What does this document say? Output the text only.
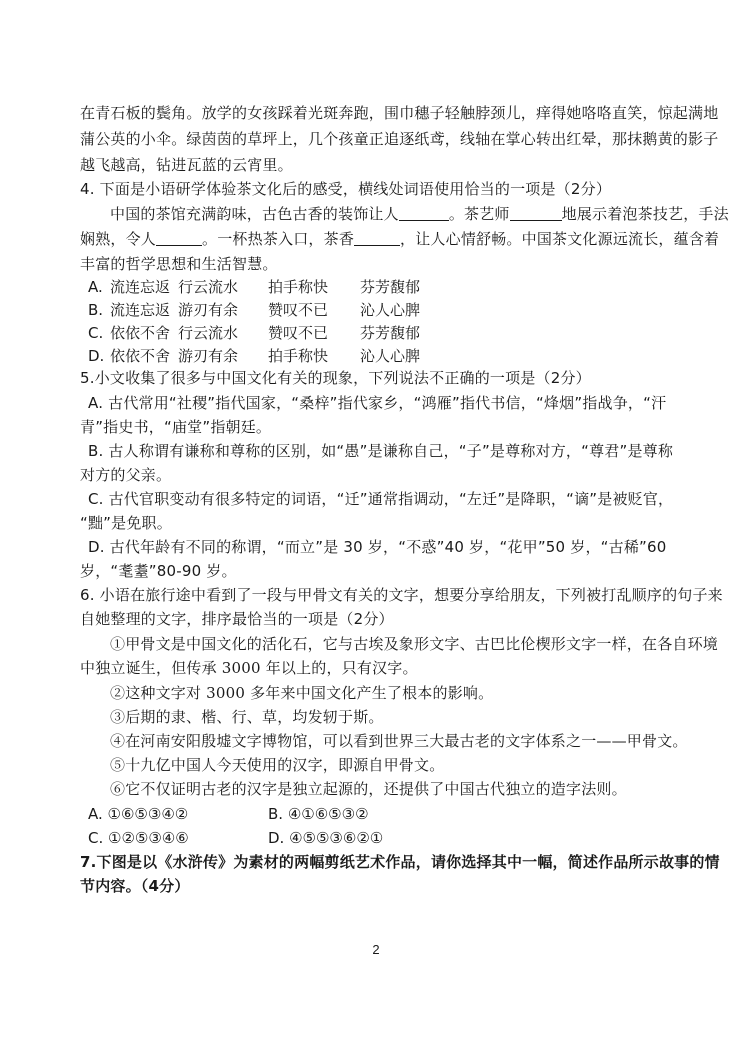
在青石板的鬓角。放学的女孩踩着光斑奔跑，围巾穗子轻触脖颈儿，痒得她咯咯直笑，惊起满地
蒲公英的小伞。绿茵茵的草坪上，几个孩童正追逐纸鸢，线轴在掌心转出红晕，那抹鹅黄的影子
越飞越高，钻进瓦蓝的云宵里。
4. 下面是小语研学体验茶文化后的感受，横线处词语使用恰当的一项是（2分）
中国的茶馆充满韵味，古色古香的装饰让人	。茶艺师	地展示着泡茶技艺，手法
娴熟，令人	。一杯热茶入口，茶香	，让人心情舒畅。中国茶文化源远流长，蕴含着
丰富的哲学思想和生活智慧。
A. 流连忘返 行云流水 拍手称快 芬芳馥郁
B. 流连忘返 游刃有余 赞叹不已 沁人心脾
C. 依依不舍 行云流水 赞叹不已 芬芳馥郁
D. 依依不舍 游刃有余 拍手称快 沁人心脾
5.小文收集了很多与中国文化有关的现象，下列说法不正确的一项是（2分）
A. 古代常用“社稷”指代国家，“桑梓”指代家乡，“鸿雁”指代书信，“烽烟”指战争，“汗
青”指史书，“庙堂”指朝廷。
B. 古人称谓有谦称和尊称的区别，如“愚”是谦称自己，“子”是尊称对方，“尊君”是尊称
对方的父亲。
C. 古代官职变动有很多特定的词语，“迁”通常指调动，“左迁”是降职，“谪”是被贬官，
“黜”是免职。
D. 古代年龄有不同的称谓，“而立”是 30 岁，“不惑”40 岁，“花甲”50 岁，“古稀”60
岁，“耄耋”80-90 岁。
6. 小语在旅行途中看到了一段与甲骨文有关的文字，想要分享给朋友，下列被打乱顺序的句子来
自她整理的文字，排序最恰当的一项是（2分）
①甲骨文是中国文化的活化石，它与古埃及象形文字、古巴比伦楔形文字一样，在各自环境
中独立诞生，但传承 3000 年以上的，只有汉字。
②这种文字对 3000 多年来中国文化产生了根本的影响。
③后期的隶、楷、行、草，均发轫于斯。
④在河南安阳殷墟文字博物馆，可以看到世界三大最古老的文字体系之一——甲骨文。
⑤十九亿中国人今天使用的汉字，即源自甲骨文。
⑥它不仅证明古老的汉字是独立起源的，还提供了中国古代独立的造字法则。
A. ①⑥⑤③④②	B. ④①⑥⑤③②
C. ①②⑤③④⑥	D. ④⑤⑤③⑥②①
7.下图是以《水浒传》为素材的两幅剪纸艺术作品，请你选择其中一幅，简述作品所示故事的情
节内容。（4分）
2
